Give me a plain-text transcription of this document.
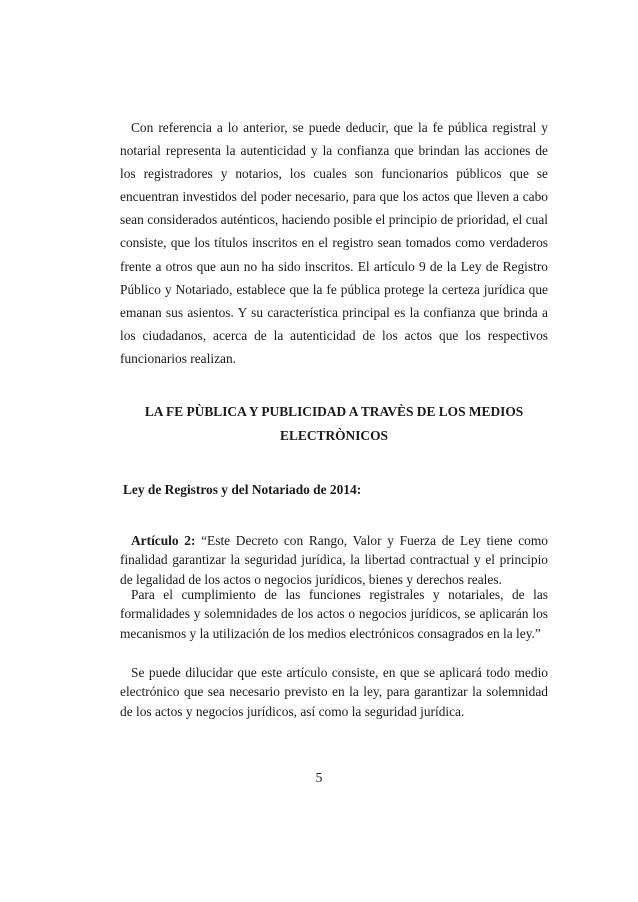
Con referencia a lo anterior, se puede deducir, que la fe pública registral y notarial representa la autenticidad y la confianza que brindan las acciones de los registradores y notarios, los cuales son funcionarios públicos que se encuentran investidos del poder necesario, para que los actos que lleven a cabo sean considerados auténticos, haciendo posible el principio de prioridad, el cual consiste, que los títulos inscritos en el registro sean tomados como verdaderos frente a otros que aun no ha sido inscritos. El artículo 9 de la Ley de Registro Público y Notariado, establece que la fe pública protege la certeza jurídica que emanan sus asientos. Y su característica principal es la confianza que brinda a los ciudadanos, acerca de la autenticidad de los actos que los respectivos funcionarios realizan.

LA FE PÙBLICA Y PUBLICIDAD A TRAVÈS DE LOS MEDIOS ELECTRÒNICOS

Ley de Registros y del Notariado de 2014:

Artículo 2: “Este Decreto con Rango, Valor y Fuerza de Ley tiene como finalidad garantizar la seguridad jurídica, la libertad contractual y el principio de legalidad de los actos o negocios jurídicos, bienes y derechos reales.

Para el cumplimiento de las funciones registrales y notariales, de las formalidades y solemnidades de los actos o negocios jurídicos, se aplicarán los mecanismos y la utilización de los medios electrónicos consagrados en la ley.”

Se puede dilucidar que este artículo consiste, en que se aplicará todo medio electrónico que sea necesario previsto en la ley, para garantizar la solemnidad de los actos y negocios jurídicos, así como la seguridad jurídica.

5
